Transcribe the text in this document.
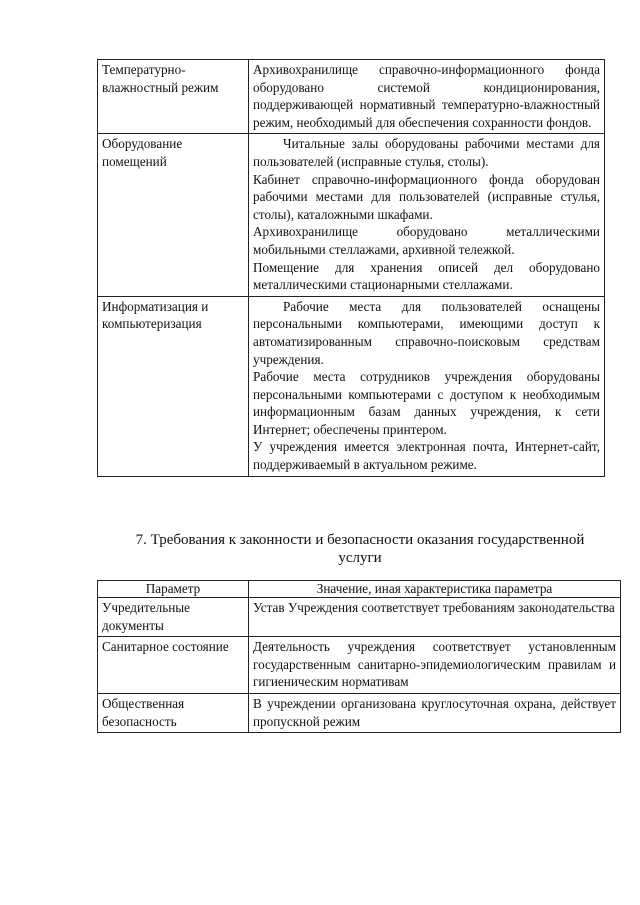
Температурно-влажностный режим	Архивохранилище справочно-информационного фонда оборудовано системой кондиционирования, поддерживающей нормативный температурно-влажностный режим, необходимый для обеспечения сохранности фондов.

Оборудование помещений	Читальные залы оборудованы рабочими местами для пользователей (исправные стулья, столы).

Кабинет справочно-информационного фонда оборудован рабочими местами для пользователей (исправные стулья, столы), каталожными шкафами.

Архивохранилище оборудовано металлическими мобильными стеллажами, архивной тележкой.

Помещение для хранения описей дел оборудовано металлическими стационарными стеллажами.

Информатизация и компьютеризация	Рабочие места для пользователей оснащены персональными компьютерами, имеющими доступ к автоматизированным справочно-поисковым средствам учреждения.

Рабочие места сотрудников учреждения оборудованы персональными компьютерами с доступом к необходимым информационным базам данных учреждения, к сети Интернет; обеспечены принтером.

У учреждения имеется электронная почта, Интернет-сайт, поддерживаемый в актуальном режиме.

7. Требования к законности и безопасности оказания государственной услуги
Параметр	Значение, иная характеристика параметра
Учредительные документы	Устав Учреждения соответствует требованиям законодательства

Санитарное состояние	Деятельность учреждения соответствует установленным государственным санитарно-эпидемиологическим правилам и гигиеническим нормативам

Общественная безопасность	В учреждении организована круглосуточная охрана, действует пропускной режим
